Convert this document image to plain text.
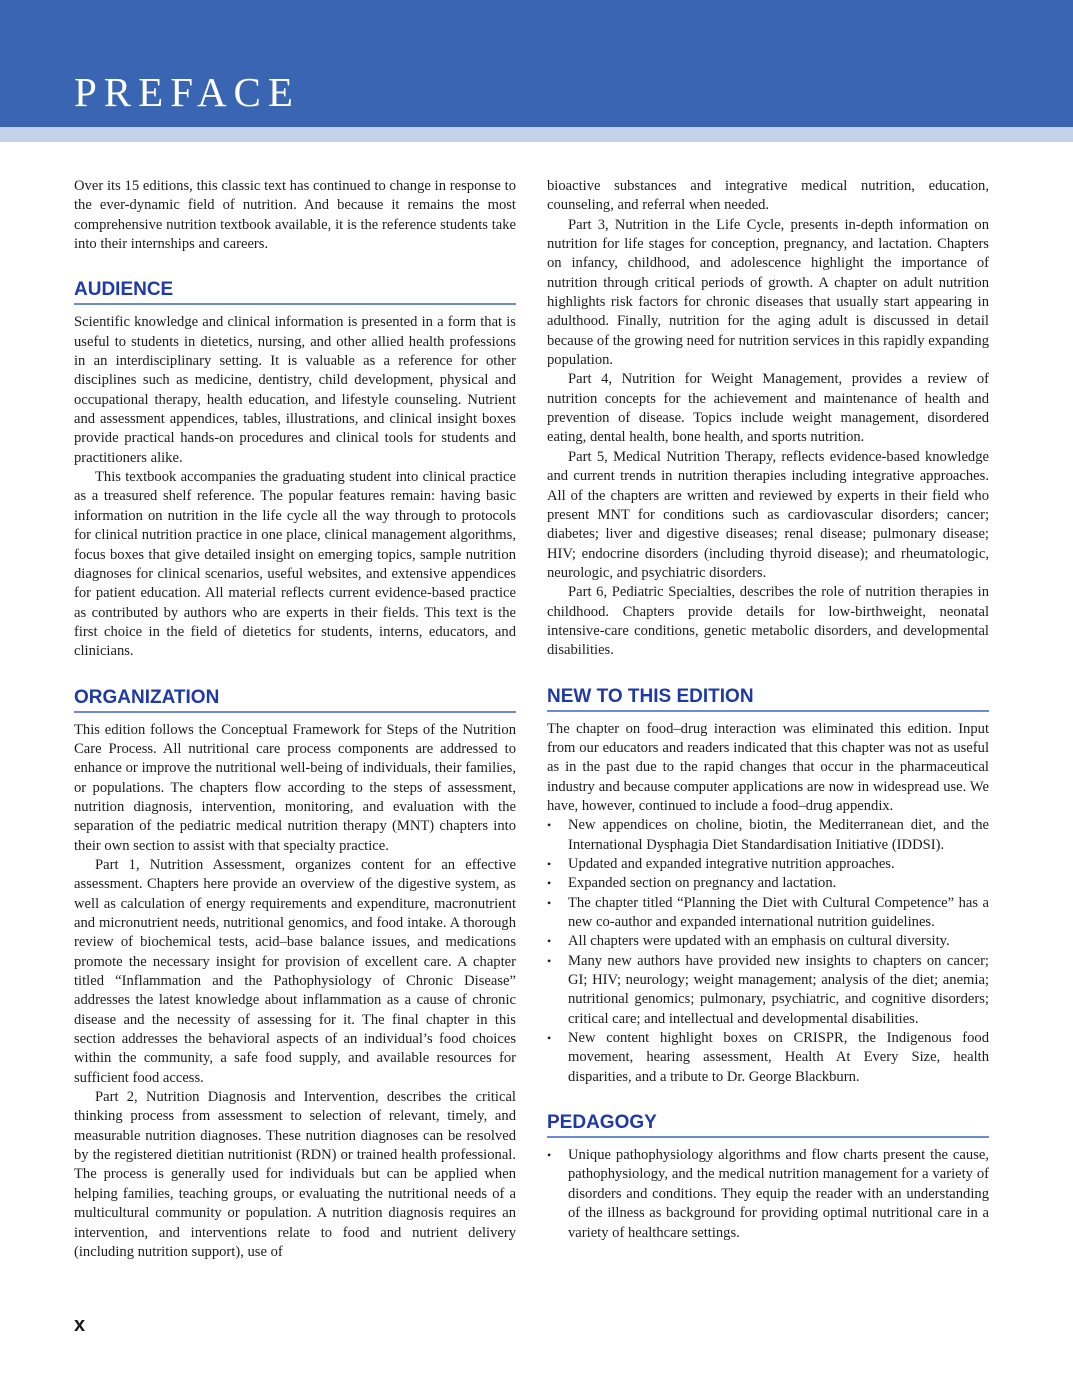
PREFACE

Over its 15 editions, this classic text has continued to change in response to the ever-dynamic field of nutrition. And because it remains the most comprehensive nutrition textbook available, it is the reference students take into their internships and careers.

AUDIENCE

Scientific knowledge and clinical information is presented in a form that is useful to students in dietetics, nursing, and other allied health professions in an interdisciplinary setting. It is valuable as a reference for other disciplines such as medicine, dentistry, child development, physical and occupational therapy, health education, and lifestyle counseling. Nutrient and assessment appendices, tables, illustrations, and clinical insight boxes provide practical hands-on procedures and clinical tools for students and practitioners alike.

This textbook accompanies the graduating student into clinical practice as a treasured shelf reference. The popular features remain: having basic information on nutrition in the life cycle all the way through to protocols for clinical nutrition practice in one place, clinical management algorithms, focus boxes that give detailed insight on emerging topics, sample nutrition diagnoses for clinical scenarios, useful websites, and extensive appendices for patient education. All material reflects current evidence-based practice as contributed by authors who are experts in their fields. This text is the first choice in the field of dietetics for students, interns, educators, and clinicians.

ORGANIZATION

This edition follows the Conceptual Framework for Steps of the Nutrition Care Process. All nutritional care process components are addressed to enhance or improve the nutritional well-being of individuals, their families, or populations. The chapters flow according to the steps of assessment, nutrition diagnosis, intervention, monitoring, and evaluation with the separation of the pediatric medical nutrition therapy (MNT) chapters into their own section to assist with that specialty practice.

Part 1, Nutrition Assessment, organizes content for an effective assessment. Chapters here provide an overview of the digestive system, as well as calculation of energy requirements and expenditure, macronutrient and micronutrient needs, nutritional genomics, and food intake. A thorough review of biochemical tests, acid–base balance issues, and medications promote the necessary insight for provision of excellent care. A chapter titled “Inflammation and the Pathophysiology of Chronic Disease” addresses the latest knowledge about inflammation as a cause of chronic disease and the necessity of assessing for it. The final chapter in this section addresses the behavioral aspects of an individual’s food choices within the community, a safe food supply, and available resources for sufficient food access.

Part 2, Nutrition Diagnosis and Intervention, describes the critical thinking process from assessment to selection of relevant, timely, and measurable nutrition diagnoses. These nutrition diagnoses can be resolved by the registered dietitian nutritionist (RDN) or trained health professional. The process is generally used for individuals but can be applied when helping families, teaching groups, or evaluating the nutritional needs of a multicultural community or population. A nutrition diagnosis requires an intervention, and interventions relate to food and nutrient delivery (including nutrition support), use of

bioactive substances and integrative medical nutrition, education, counseling, and referral when needed.

Part 3, Nutrition in the Life Cycle, presents in-depth information on nutrition for life stages for conception, pregnancy, and lactation. Chapters on infancy, childhood, and adolescence highlight the importance of nutrition through critical periods of growth. A chapter on adult nutrition highlights risk factors for chronic diseases that usually start appearing in adulthood. Finally, nutrition for the aging adult is discussed in detail because of the growing need for nutrition services in this rapidly expanding population.

Part 4, Nutrition for Weight Management, provides a review of nutrition concepts for the achievement and maintenance of health and prevention of disease. Topics include weight management, disordered eating, dental health, bone health, and sports nutrition.

Part 5, Medical Nutrition Therapy, reflects evidence-based knowledge and current trends in nutrition therapies including integrative approaches. All of the chapters are written and reviewed by experts in their field who present MNT for conditions such as cardiovascular disorders; cancer; diabetes; liver and digestive diseases; renal disease; pulmonary disease; HIV; endocrine disorders (including thyroid disease); and rheumatologic, neurologic, and psychiatric disorders.

Part 6, Pediatric Specialties, describes the role of nutrition therapies in childhood. Chapters provide details for low-birthweight, neonatal intensive-care conditions, genetic metabolic disorders, and developmental disabilities.

NEW TO THIS EDITION

The chapter on food–drug interaction was eliminated this edition. Input from our educators and readers indicated that this chapter was not as useful as in the past due to the rapid changes that occur in the pharmaceutical industry and because computer applications are now in widespread use. We have, however, continued to include a food–drug appendix.

•	New appendices on choline, biotin, the Mediterranean diet, and the International Dysphagia Diet Standardisation Initiative (IDDSI).
•	Updated and expanded integrative nutrition approaches.
•	Expanded section on pregnancy and lactation.
•	The chapter titled “Planning the Diet with Cultural Competence” has a new co-author and expanded international nutrition guidelines.
•	All chapters were updated with an emphasis on cultural diversity.
•	Many new authors have provided new insights to chapters on cancer; GI; HIV; neurology; weight management; analysis of the diet; anemia; nutritional genomics; pulmonary, psychiatric, and cognitive disorders; critical care; and intellectual and developmental disabilities.
•	New content highlight boxes on CRISPR, the Indigenous food movement, hearing assessment, Health At Every Size, health disparities, and a tribute to Dr. George Blackburn.
PEDAGOGY
•	Unique pathophysiology algorithms and flow charts present the cause, pathophysiology, and the medical nutrition management for a variety of disorders and conditions. They equip the reader with an understanding of the illness as background for providing optimal nutritional care in a variety of healthcare settings.
x
